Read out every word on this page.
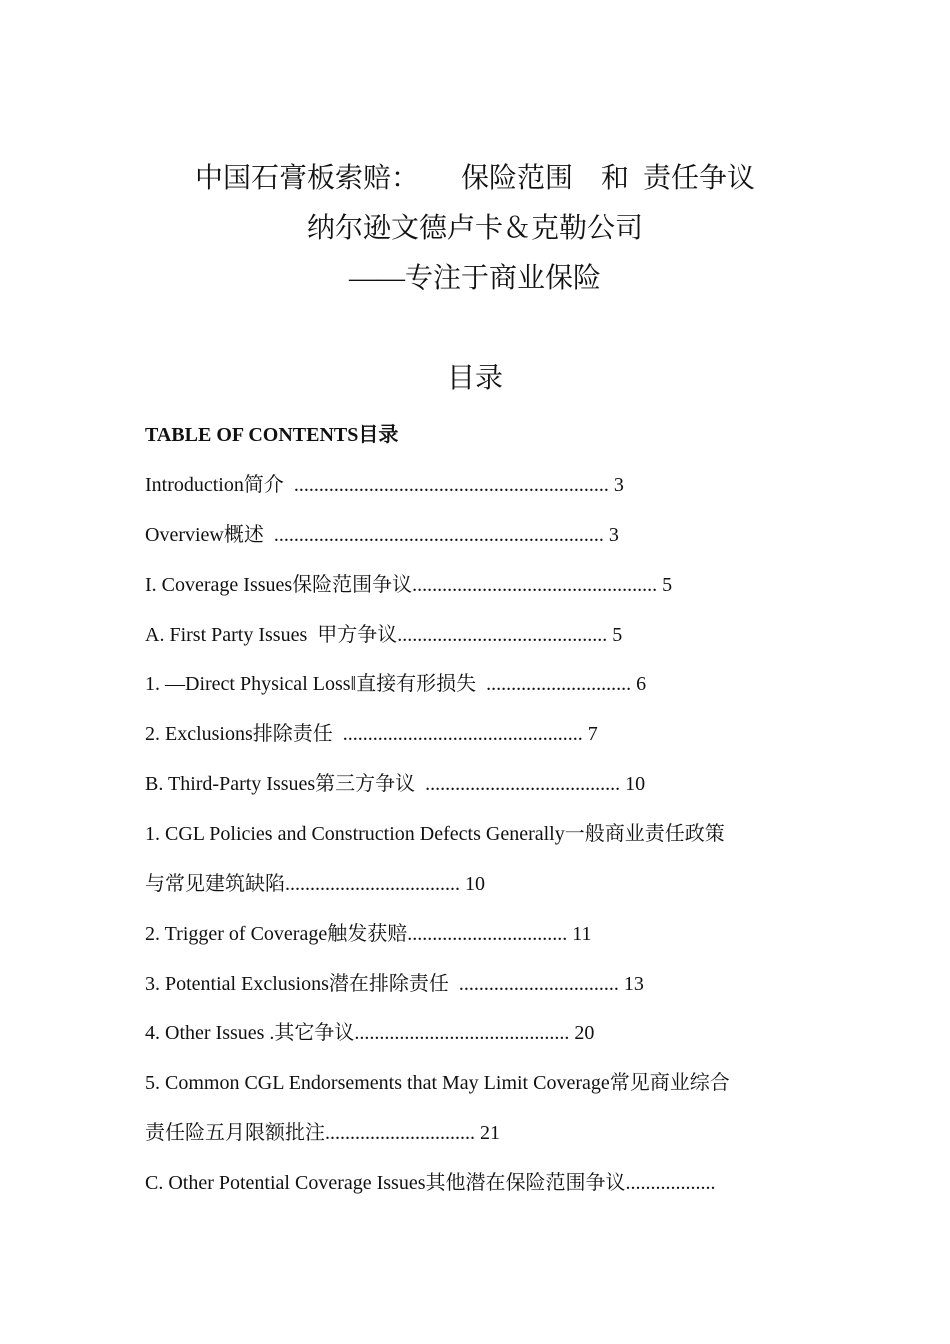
中国石膏板索赔：      保险范围    和  责任争议
纳尔逊文德卢卡＆克勒公司
——专注于商业保险
目录
TABLE OF CONTENTS目录
Introduction简介  ............................................................... 3
Overview概述  .................................................................. 3
I. Coverage Issues保险范围争议................................................. 5
A. First Party Issues  甲方争议.......................................... 5
1. ―Direct Physical Loss‖直接有形损失  ............................. 6
2. Exclusions排除责任  ................................................ 7
B. Third-Party Issues第三方争议  ....................................... 10
1. CGL Policies and Construction Defects Generally一般商业责任政策
与常见建筑缺陷................................... 10
2. Trigger of Coverage触发获赔................................ 11
3. Potential Exclusions潜在排除责任  ................................ 13
4. Other Issues .其它争议........................................... 20
5. Common CGL Endorsements that May Limit Coverage常见商业综合
责任险五月限额批注.............................. 21
C. Other Potential Coverage Issues其他潜在保险范围争议..................
